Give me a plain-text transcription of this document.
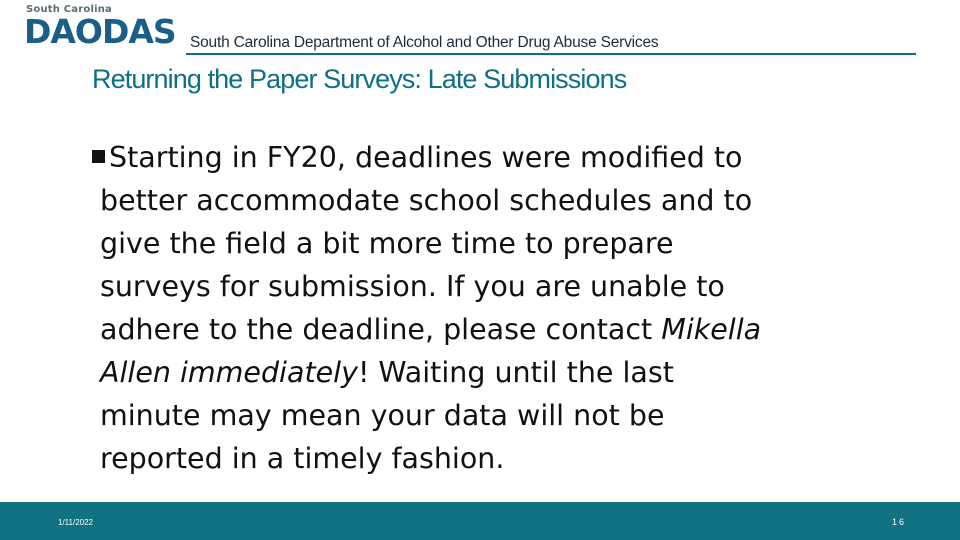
South Carolina
DAODAS South Carolina Department of Alcohol and Other Drug Abuse Services
Returning the Paper Surveys: Late Submissions
Starting in FY20, deadlines were modified to
better accommodate school schedules and to
give the field a bit more time to prepare
surveys for submission. If you are unable to
adhere to the deadline, please contact Mikella
Allen immediately! Waiting until the last
minute may mean your data will not be
reported in a timely fashion.
1/11/2022	16
